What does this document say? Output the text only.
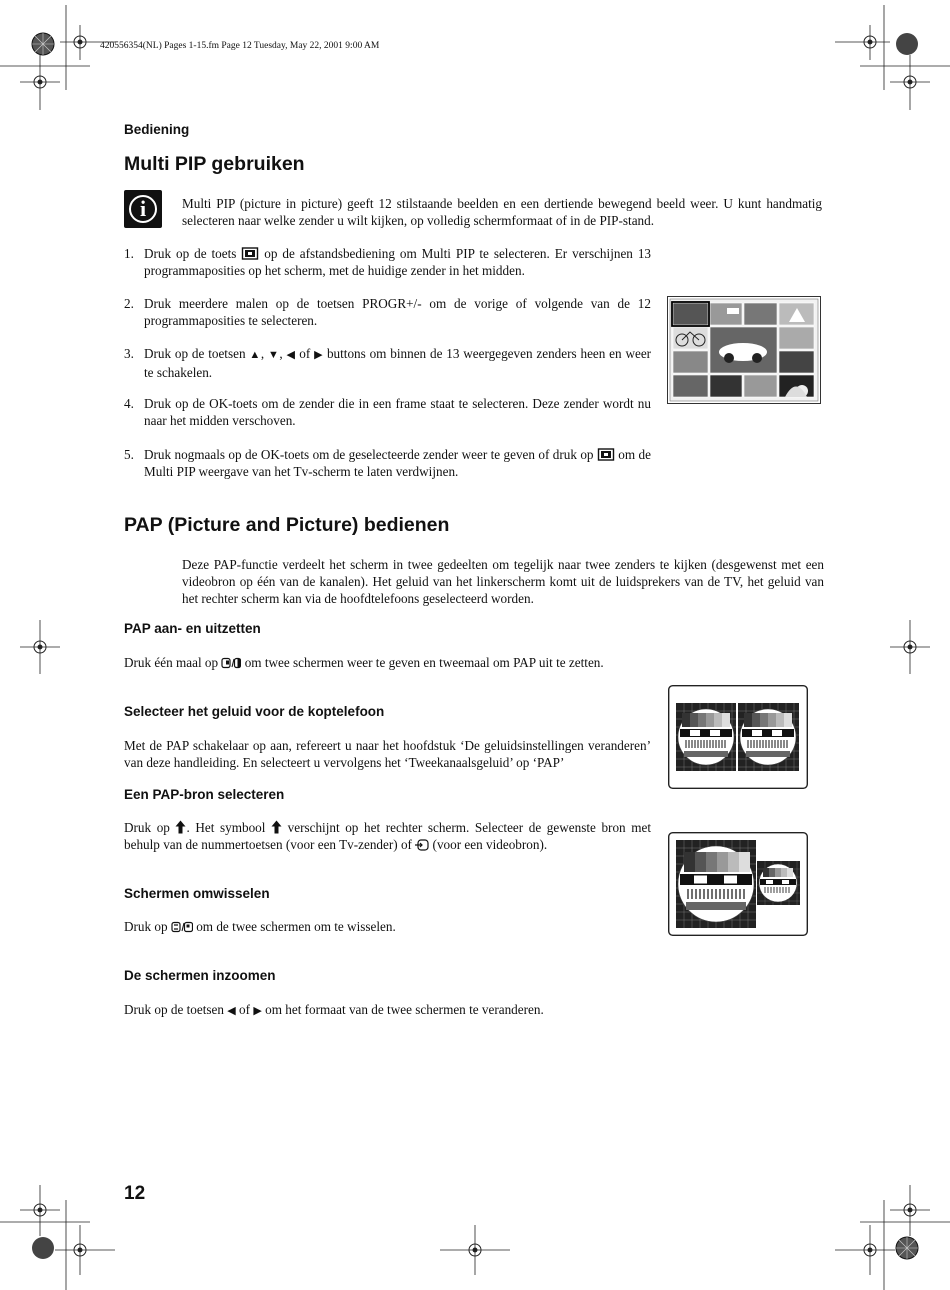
420556354(NL) Pages 1-15.fm Page 12 Tuesday, May 22, 2001 9:00 AM
Bediening
Multi PIP gebruiken
i	Multi PIP (picture in picture) geeft 12 stilstaande beelden en een dertiende bewegend beeld weer. U kunt handmatig selecteren naar welke zender u wilt kijken, op volledig schermformaat of in de PIP-stand.

1. Druk op de toets op de afstandsbediening om Multi PIP te selecteren. Er verschijnen 13 programmaposities op het scherm, met de huidige zender in het midden.

2. Druk meerdere malen op de toetsen PROGR+/- om de vorige of volgende van de 12 programmaposities te selecteren.

3. Druk op de toetsen ▲, ▼, ◀ of ▶ buttons om binnen de 13 weergegeven zenders heen en weer te schakelen.

4. Druk op de OK-toets om de zender die in een frame staat te selecteren. Deze zender wordt nu naar het midden verschoven.

5. Druk nogmaals op de OK-toets om de geselecteerde zender weer te geven of druk op om de Multi PIP weergave van het Tv-scherm te laten verdwijnen.

PAP (Picture and Picture) bedienen

Deze PAP-functie verdeelt het scherm in twee gedeelten om tegelijk naar twee zenders te kijken (desgewenst met een videobron op één van de kanalen). Het geluid van het linkerscherm komt uit de luidsprekers van de TV, het geluid van het rechter scherm kan via de hoofdtelefoons geselecteerd worden.

PAP aan- en uitzetten

Druk één maal op om twee schermen weer te geven en tweemaal om PAP uit te zetten.

Selecteer het geluid voor de koptelefoon

Met de PAP schakelaar op aan, refereert u naar het hoofdstuk ‘De geluidsinstellingen veranderen’ van deze handleiding. En selecteert u vervolgens het ‘Tweekanaalsgeluid’ op ‘PAP’

Een PAP-bron selecteren

Druk op . Het symbool verschijnt op het rechter scherm. Selecteer de gewenste bron met behulp van de nummertoetsen (voor een Tv-zender) of (voor een videobron).

Schermen omwisselen

Druk op om de twee schermen om te wisselen.

De schermen inzoomen

Druk op de toetsen ◀ of ▶ om het formaat van de twee schermen te veranderen.

12
